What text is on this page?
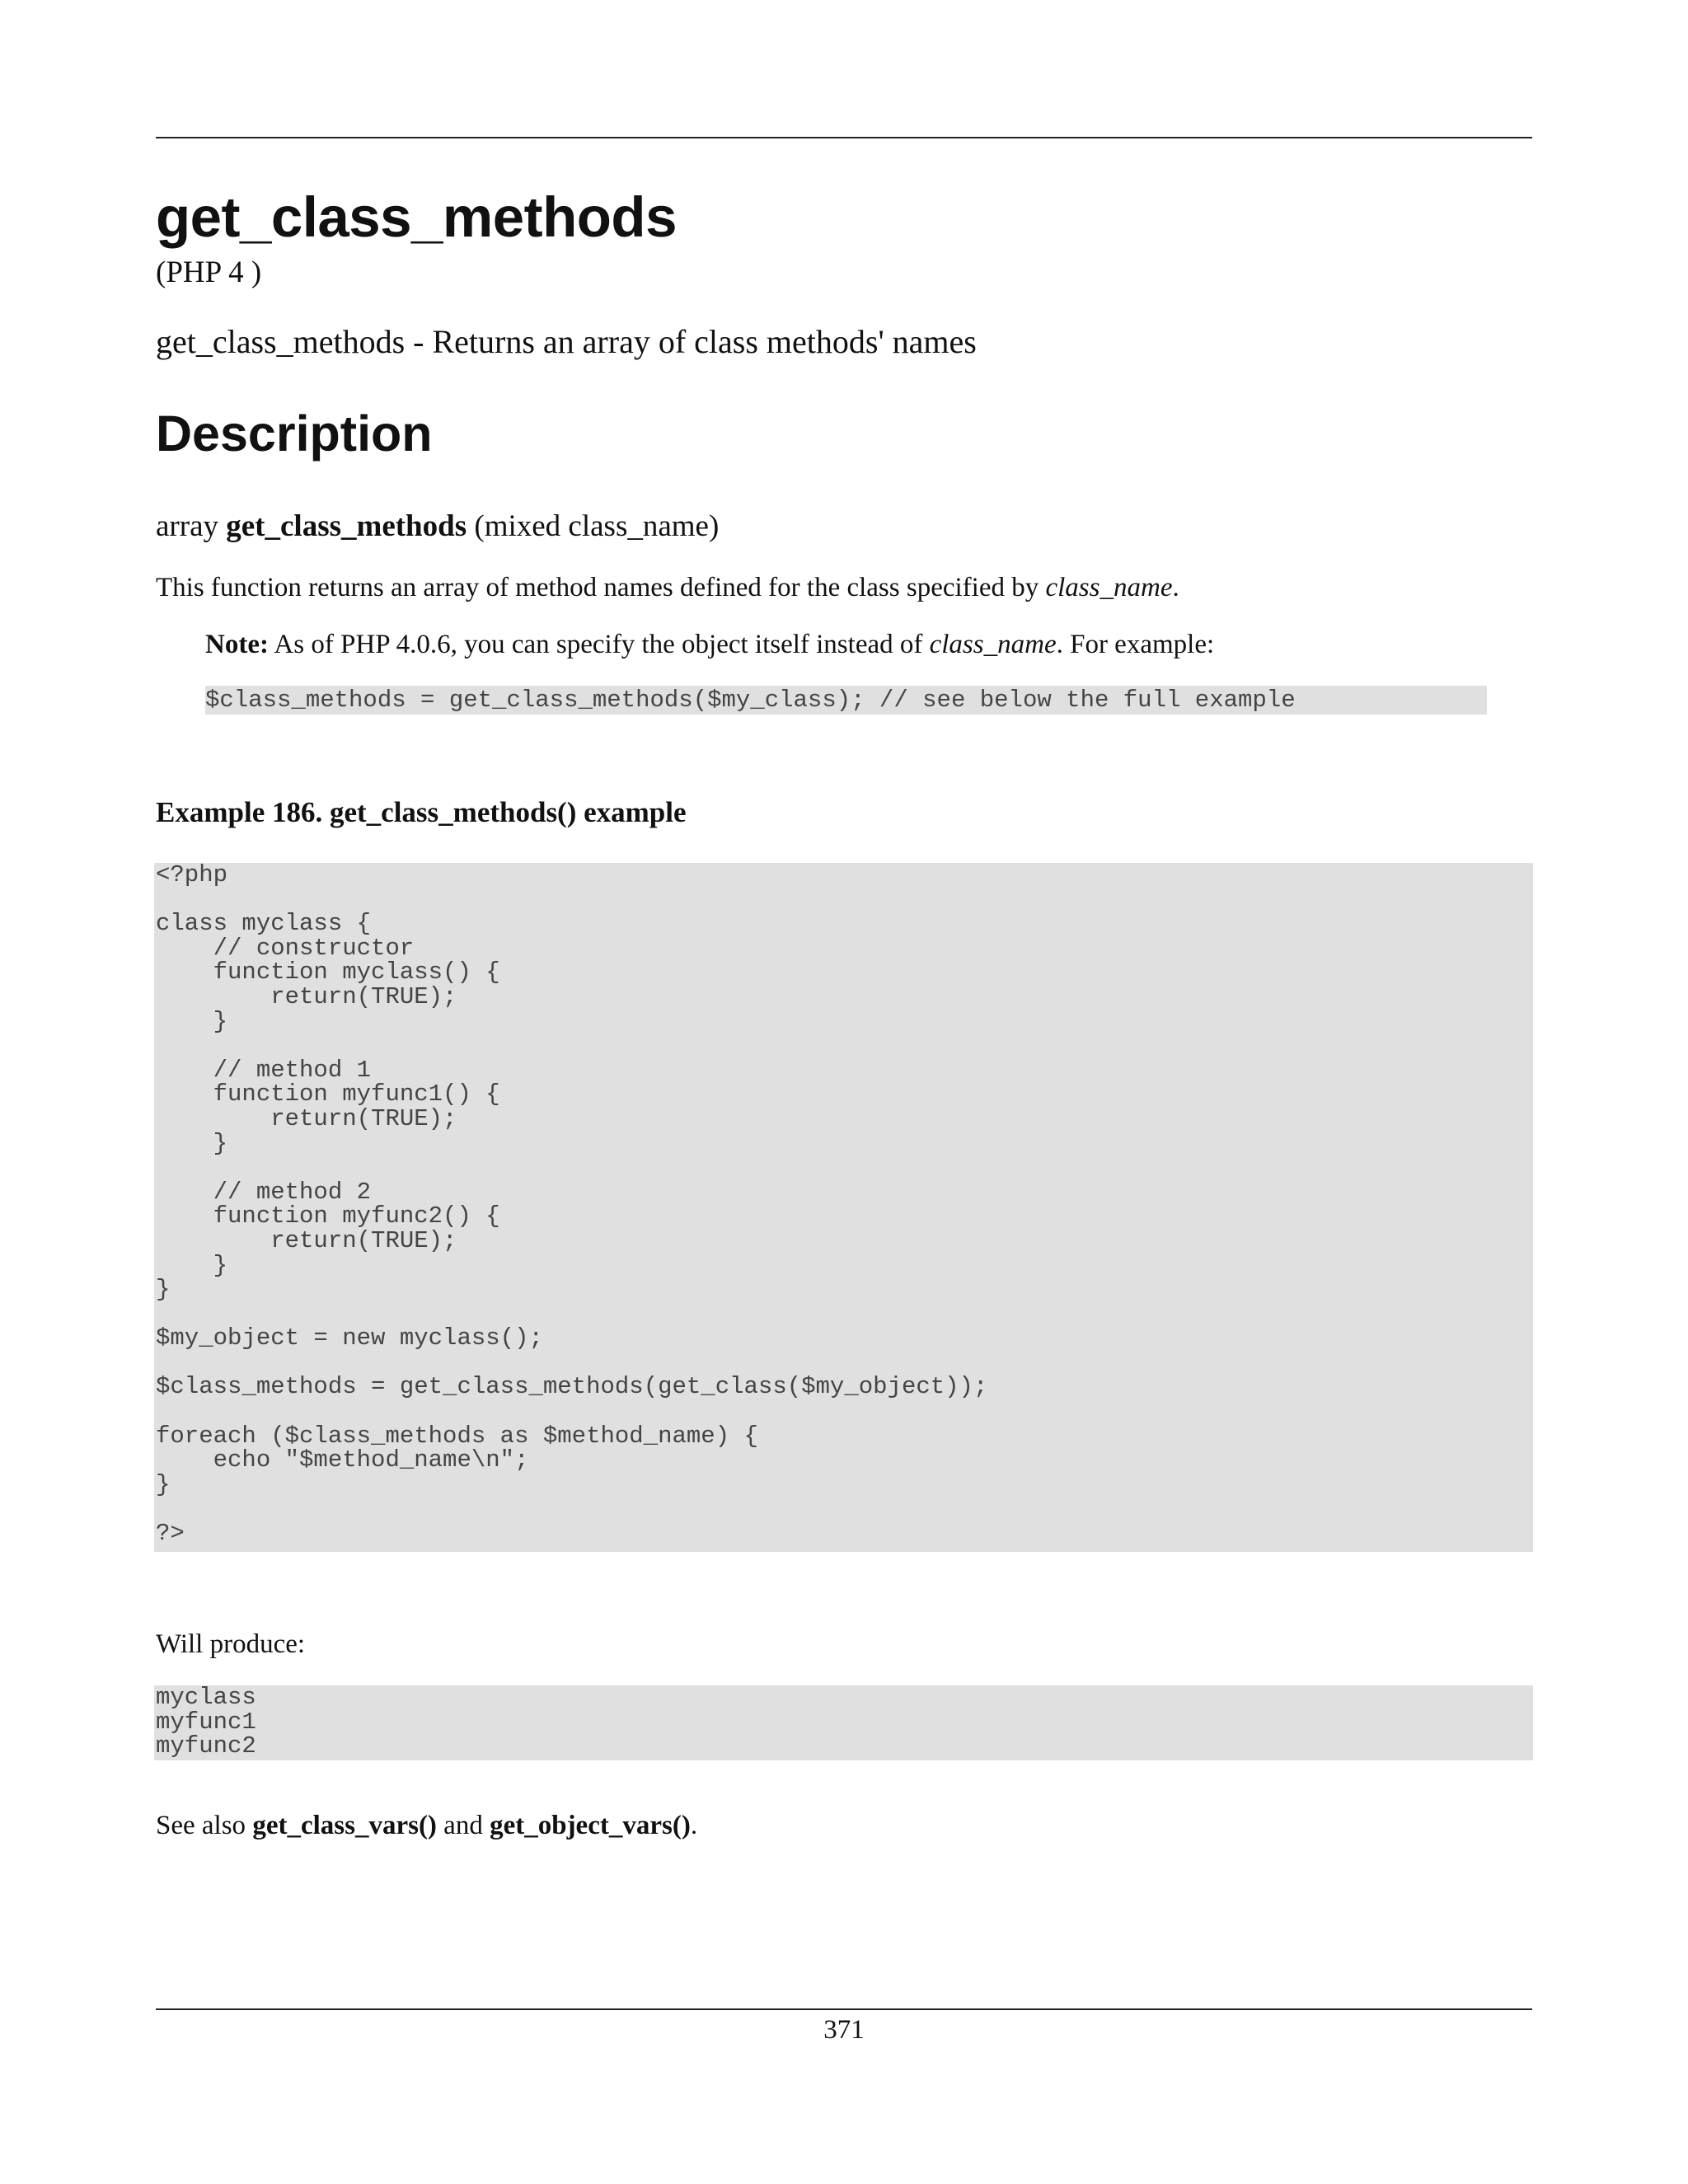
get_class_methods
(PHP 4 )
get_class_methods - Returns an array of class methods' names
Description
array get_class_methods (mixed class_name)
This function returns an array of method names defined for the class specified by class_name.
Note: As of PHP 4.0.6, you can specify the object itself instead of class_name. For example:
$class_methods = get_class_methods($my_class); // see below the full example
Example 186. get_class_methods() example
<?php
class myclass {
// constructor
function myclass() {
return(TRUE);
}
// method 1
function myfunc1() {
return(TRUE);
}
// method 2
function myfunc2() {
return(TRUE);
}
}
$my_object = new myclass();
$class_methods = get_class_methods(get_class($my_object));
foreach ($class_methods as $method_name) {
echo "$method_name\n";
}
?>
Will produce:
myclass
myfunc1
myfunc2
See also get_class_vars() and get_object_vars().
371
